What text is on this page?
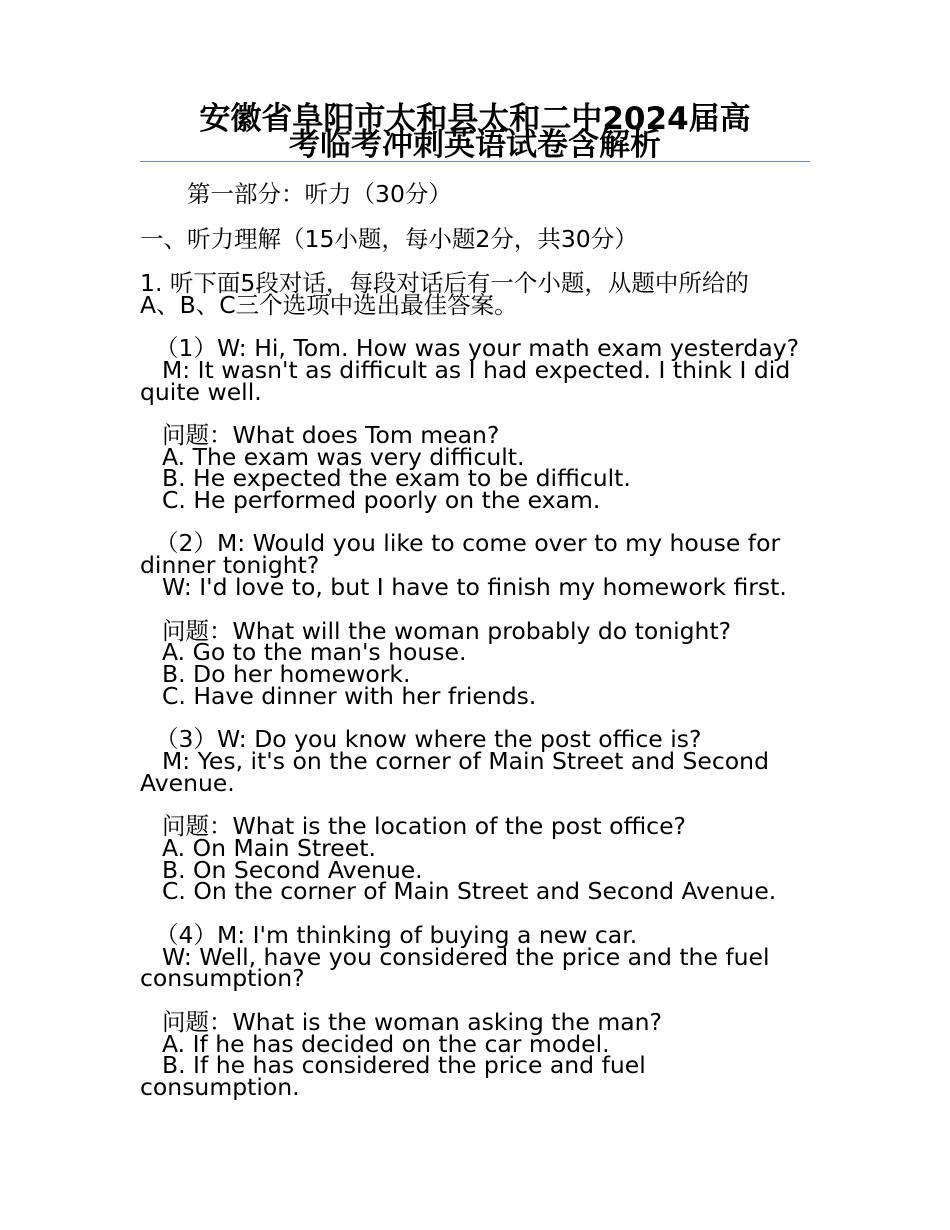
安徽省阜阳市太和县太和二中2024届高
考临考冲刺英语试卷含解析
第一部分：听力（30分）
一、听力理解（15小题，每小题2分，共30分）
1. 听下面5段对话，每段对话后有一个小题，从题中所给的
A、B、C三个选项中选出最佳答案。
（1）W: Hi, Tom. How was your math exam yesterday?
M: It wasn't as difficult as I had expected. I think I did
quite well.
问题：What does Tom mean?
A. The exam was very difficult.
B. He expected the exam to be difficult.
C. He performed poorly on the exam.
（2）M: Would you like to come over to my house for
dinner tonight?
W: I'd love to, but I have to finish my homework first.
问题：What will the woman probably do tonight?
A. Go to the man's house.
B. Do her homework.
C. Have dinner with her friends.
（3）W: Do you know where the post office is?
M: Yes, it's on the corner of Main Street and Second
Avenue.
问题：What is the location of the post office?
A. On Main Street.
B. On Second Avenue.
C. On the corner of Main Street and Second Avenue.
（4）M: I'm thinking of buying a new car.
W: Well, have you considered the price and the fuel
consumption?
问题：What is the woman asking the man?
A. If he has decided on the car model.
B. If he has considered the price and fuel
consumption.
